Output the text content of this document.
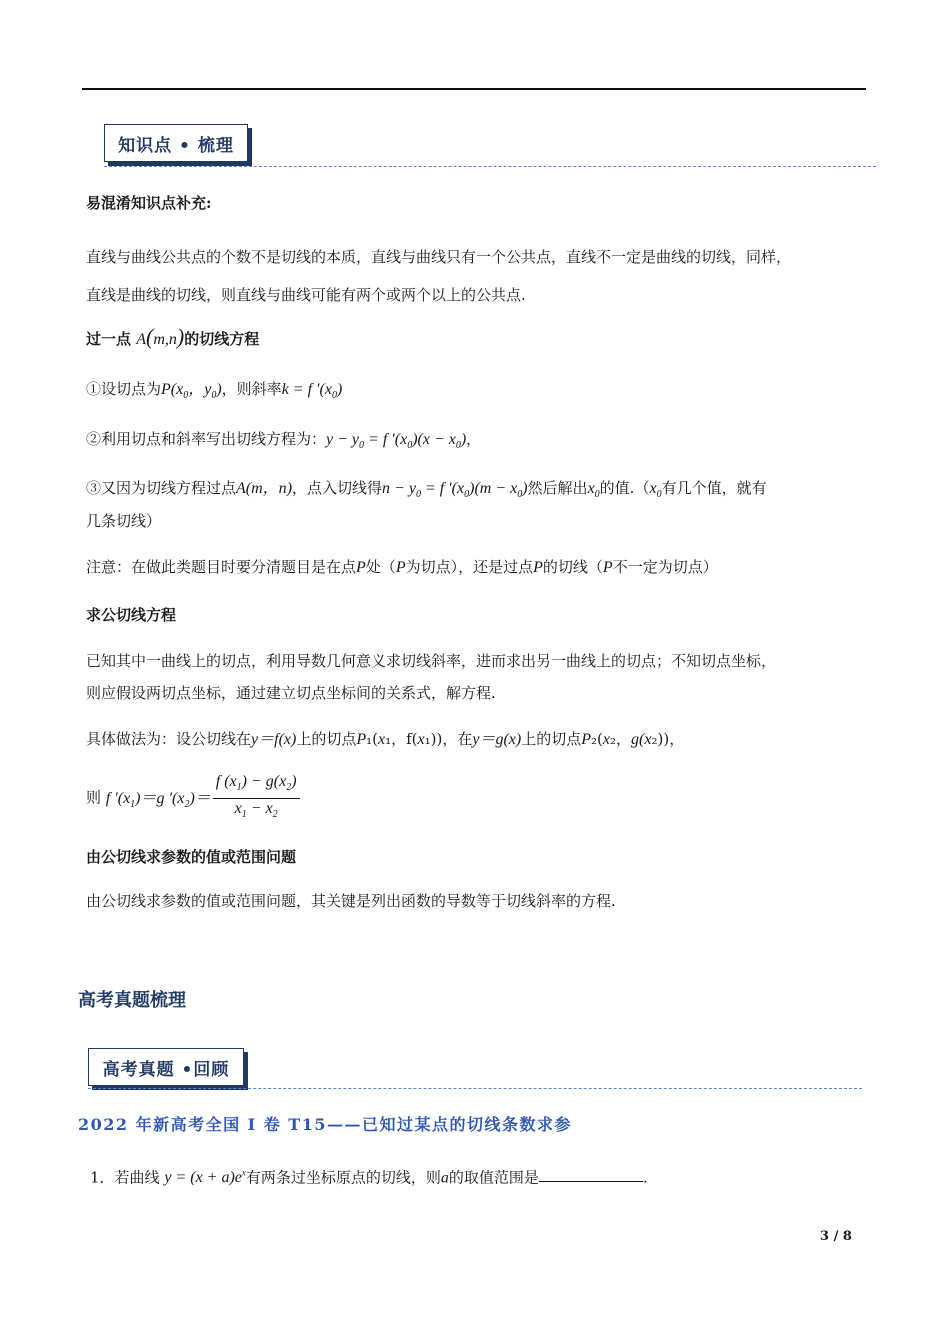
知识点 • 梳理
易混淆知识点补充:
直线与曲线公共点的个数不是切线的本质，直线与曲线只有一个公共点，直线不一定是曲线的切线，同样，
直线是曲线的切线，则直线与曲线可能有两个或两个以上的公共点.
过一点 A(m,n)的切线方程
①设切点为$P(x_0$，$y_0$)，则斜率k = f $'(x_0)$
②利用切点和斜率写出切线方程为：$y - y_0 = f$ $'(x_0)(x - x_0)$，
③又因为切线方程过点A(m，n)，点入切线得$n - y_0 = f$ $'(x_0)(m - x_0)$然后解出$x_0$的值$.(x_0$有几个值，就有
几条切线）
注意：在做此类题目时要分清题目是在点P处（P为切点），还是过点P的切线（P不一定为切点）
求公切线方程
已知其中一曲线上的切点，利用导数几何意义求切线斜率，进而求出另一曲线上的切点；不知切点坐标，
则应假设两切点坐标，通过建立切点坐标间的关系式，解方程.
具体做法为：设公切线在y＝f(x)上的切点P₁(x₁，f(x₁))，在y＝g(x)上的切点P₂(x₂，g(x₂))，
则 f $'(x_1)=g$ $'(x_2)= \frac{f (x_1) - g(x_2)}{x_1 - x_2}$
由公切线求参数的值或范围问题
由公切线求参数的值或范围问题，其关键是列出函数的导数等于切线斜率的方程.
高考真题梳理
高考真题 •回顾
2022 年新高考全国 I 卷 T15——已知过某点的切线条数求参
1．若曲线 $y = (x + a)e^x$有两条过坐标原点的切线，则a的取值范围是	.
3 / 8
